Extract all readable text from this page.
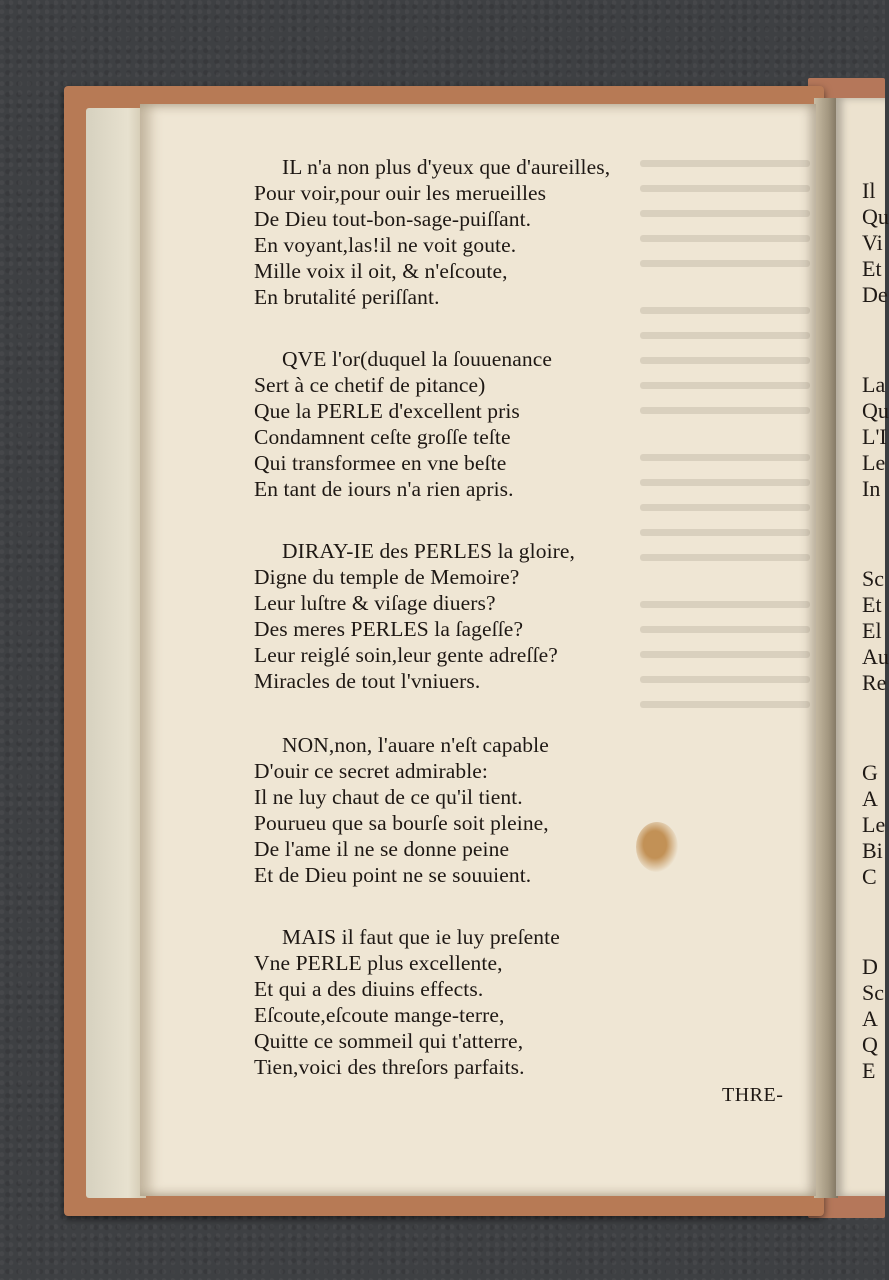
Il
Qu
Vi
Et
De
La
Qu
L'I
Le
In
Sc
Et
El
Au
Re
G
A
Le
Bi
C
D
Sc
A
Q
E
IL n'a non plus d'yeux que d'aureilles,
Pour voir,pour ouir les merueilles
De Dieu tout-bon-sage-puiſſant.
En voyant,las!il ne voit goute.
Mille voix il oit, & n'eſcoute,
En brutalité periſſant.
QVE l'or(duquel la ſouuenance
Sert à ce chetif de pitance)
Que la PERLE d'excellent pris
Condamnent ceſte groſſe teſte
Qui transformee en vne beſte
En tant de iours n'a rien apris.
DIRAY-IE des PERLES la gloire,
Digne du temple de Memoire?
Leur luſtre & viſage diuers?
Des meres PERLES la ſageſſe?
Leur reiglé soin,leur gente adreſſe?
Miracles de tout l'vniuers.
NON,non, l'auare n'eſt capable
D'ouir ce secret admirable:
Il ne luy chaut de ce qu'il tient.
Pourueu que sa bourſe soit pleine,
De l'ame il ne se donne peine
Et de Dieu point ne se souuient.
MAIS il faut que ie luy preſente
Vne PERLE plus excellente,
Et qui a des diuins effects.
Eſcoute,eſcoute mange-terre,
Quitte ce sommeil qui t'atterre,
Tien,voici des threſors parfaits.
THRE-
